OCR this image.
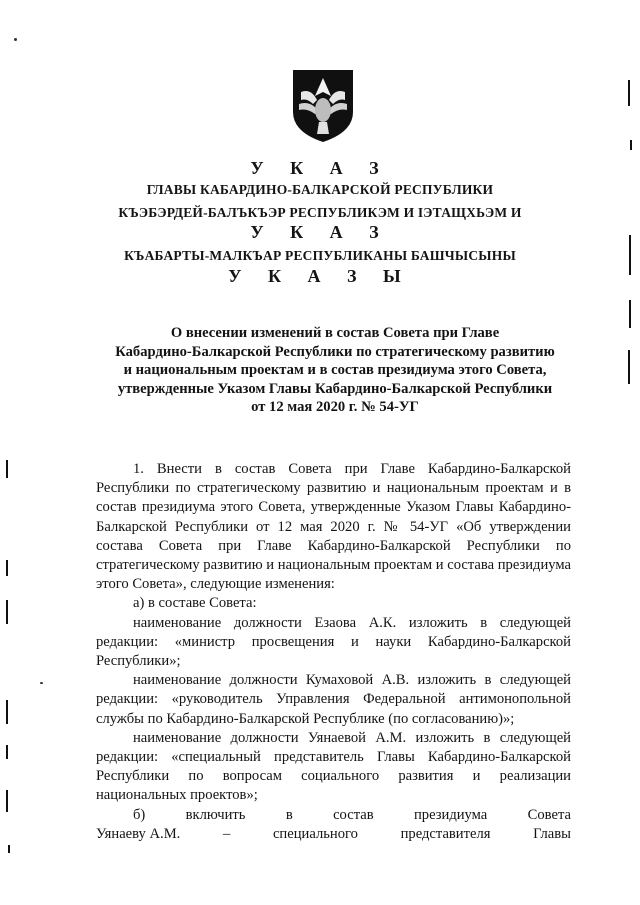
У К А З
ГЛАВЫ КАБАРДИНО-БАЛКАРСКОЙ РЕСПУБЛИКИ
КЪЭБЭРДЕЙ-БАЛЪКЪЭР РЕСПУБЛИКЭМ И ІЭТАЩХЬЭМ И
У К А З
КЪАБАРТЫ-МАЛКЪАР РЕСПУБЛИКАНЫ БАШЧЫСЫНЫ
У К А З Ы
О внесении изменений в состав Совета при Главе
Кабардино-Балкарской Республики по стратегическому развитию
и национальным проектам и в состав президиума этого Совета,
утвержденные Указом Главы Кабардино-Балкарской Республики
от 12 мая 2020 г. № 54-УГ

1. Внести в состав Совета при Главе Кабардино-Балкарской Республики по стратегическому развитию и национальным проектам и в состав президиума этого Совета, утвержденные Указом Главы Кабардино-Балкарской Республики от 12 мая 2020 г. № 54-УГ «Об утверждении состава Совета при Главе Кабардино-Балкарской Республики по стратегическому развитию и национальным проектам и состава президиума этого Совета», следующие изменения:

а) в составе Совета:

наименование должности Езаова А.К. изложить в следующей редакции: «министр просвещения и науки Кабардино-Балкарской Республики»;

наименование должности Кумаховой А.В. изложить в следующей редакции: «руководитель Управления Федеральной антимонопольной службы по Кабардино-Балкарской Республике (по согласованию)»;

наименование должности Уянаевой А.М. изложить в следующей редакции: «специальный представитель Главы Кабардино-Балкарской Республики по вопросам социального развития и реализации национальных проектов»;

б)	включить	в	состав	президиума	Совета
Уянаеву А.М.	–	специального	представителя	Главы
